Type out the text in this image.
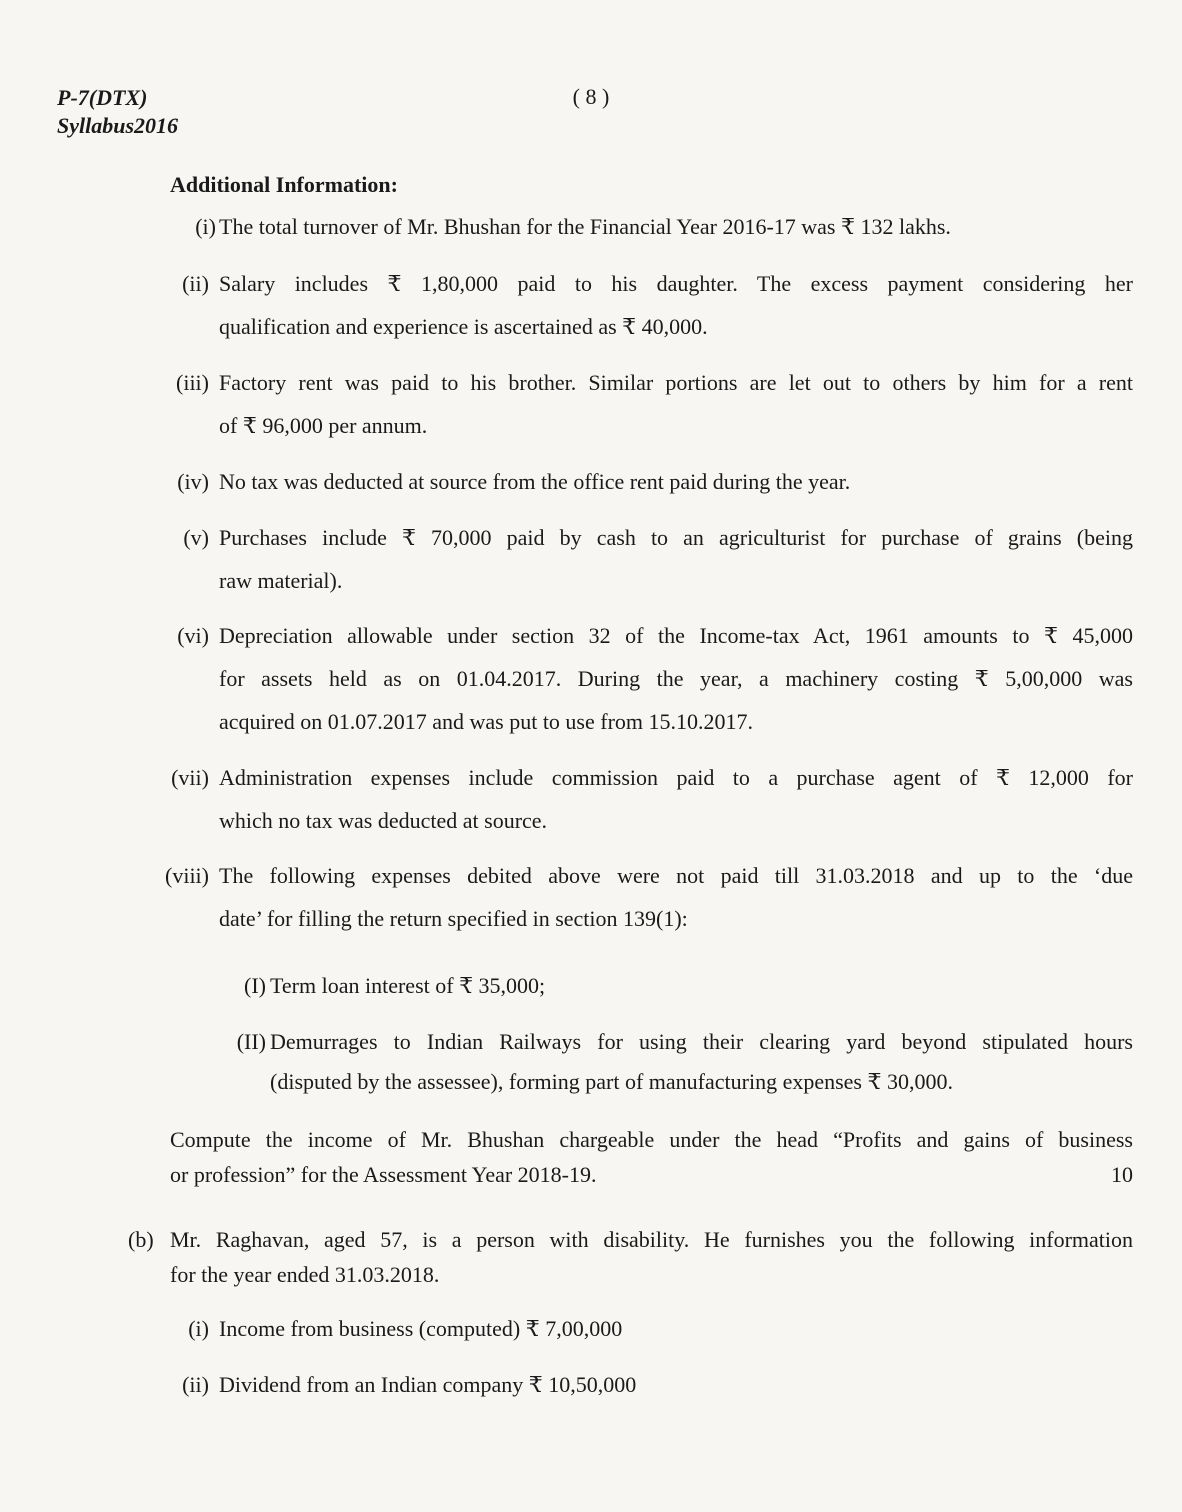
P-7(DTX)
Syllabus2016
( 8 )
Additional Information:
(i) The total turnover of Mr. Bhushan for the Financial Year 2016-17 was ₹ 132 lakhs.
(ii) Salary includes ₹ 1,80,000 paid to his daughter. The excess payment considering her
qualification and experience is ascertained as ₹ 40,000.
(iii) Factory rent was paid to his brother. Similar portions are let out to others by him for a rent
of ₹ 96,000 per annum.
(iv) No tax was deducted at source from the office rent paid during the year.
(v) Purchases include ₹ 70,000 paid by cash to an agriculturist for purchase of grains (being
raw material).
(vi) Depreciation allowable under section 32 of the Income-tax Act, 1961 amounts to ₹ 45,000
for assets held as on 01.04.2017. During the year, a machinery costing ₹ 5,00,000 was
acquired on 01.07.2017 and was put to use from 15.10.2017.
(vii) Administration expenses include commission paid to a purchase agent of ₹ 12,000 for
which no tax was deducted at source.
(viii) The following expenses debited above were not paid till 31.03.2018 and up to the ‘due
date’ for filling the return specified in section 139(1):
(I) Term loan interest of ₹ 35,000;
(II) Demurrages to Indian Railways for using their clearing yard beyond stipulated hours
(disputed by the assessee), forming part of manufacturing expenses ₹ 30,000.
Compute the income of Mr. Bhushan chargeable under the head “Profits and gains of business
or profession” for the Assessment Year 2018-19.	10
(b) Mr. Raghavan, aged 57, is a person with disability. He furnishes you the following information
for the year ended 31.03.2018.
(i) Income from business (computed) ₹ 7,00,000
(ii) Dividend from an Indian company ₹ 10,50,000
